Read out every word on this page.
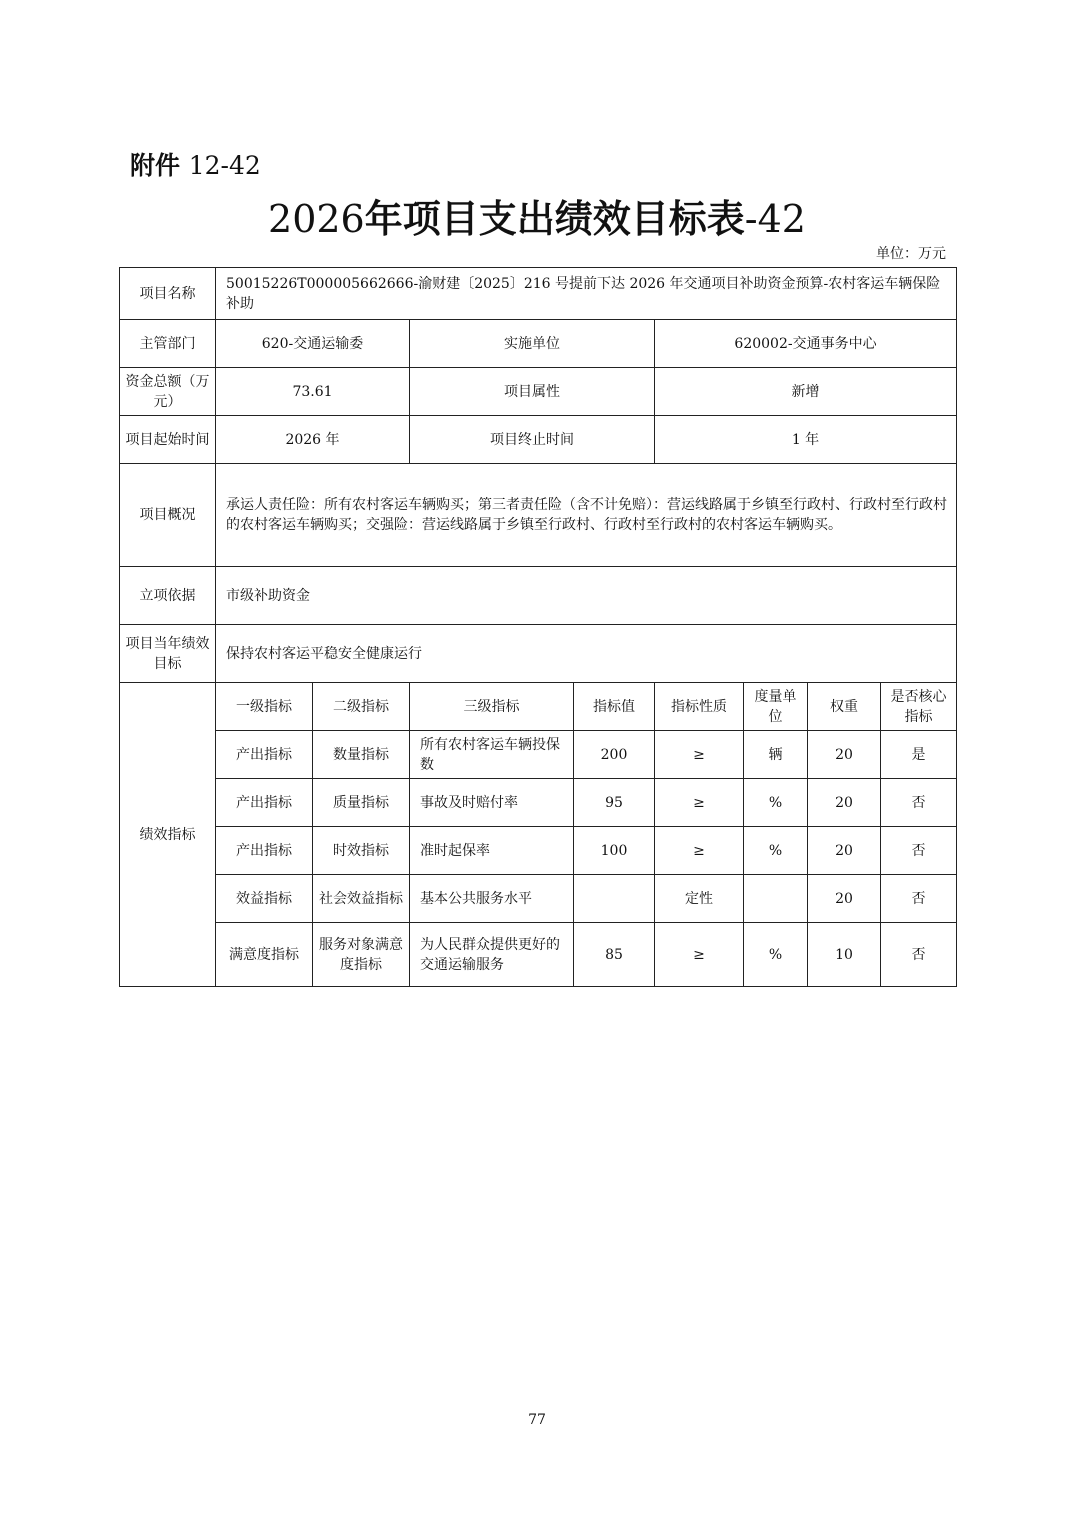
附件 12-42
2026年项目支出绩效目标表-42
单位：万元
项目名称	50015226T000005662666-渝财建〔2025〕216 号提前下达 2026 年交通项目补助资金预算-农村客运车辆保险补助							
主管部门	620-交通运输委		实施单位		620002-交通事务中心			
资金总额（万元）	73.61		项目属性		新增			
项目起始时间	2026 年		项目终止时间		1 年			
项目概况	承运人责任险：所有农村客运车辆购买；第三者责任险（含不计免赔）：营运线路属于乡镇至行政村、行政村至行政村的农村客运车辆购买；交强险：营运线路属于乡镇至行政村、行政村至行政村的农村客运车辆购买。							
立项依据	市级补助资金							
项目当年绩效目标	保持农村客运平稳安全健康运行							
绩效指标	一级指标	二级指标	三级指标	指标值	指标性质	度量单位	权重	是否核心指标
	产出指标	数量指标	所有农村客运车辆投保数	200	≥	辆	20	是
	产出指标	质量指标	事故及时赔付率	95	≥	%	20	否
	产出指标	时效指标	准时起保率	100	≥	%	20	否
	效益指标	社会效益指标	基本公共服务水平		定性		20	否
	满意度指标	服务对象满意度指标	为人民群众提供更好的交通运输服务	85	≥	%	10	否
77
